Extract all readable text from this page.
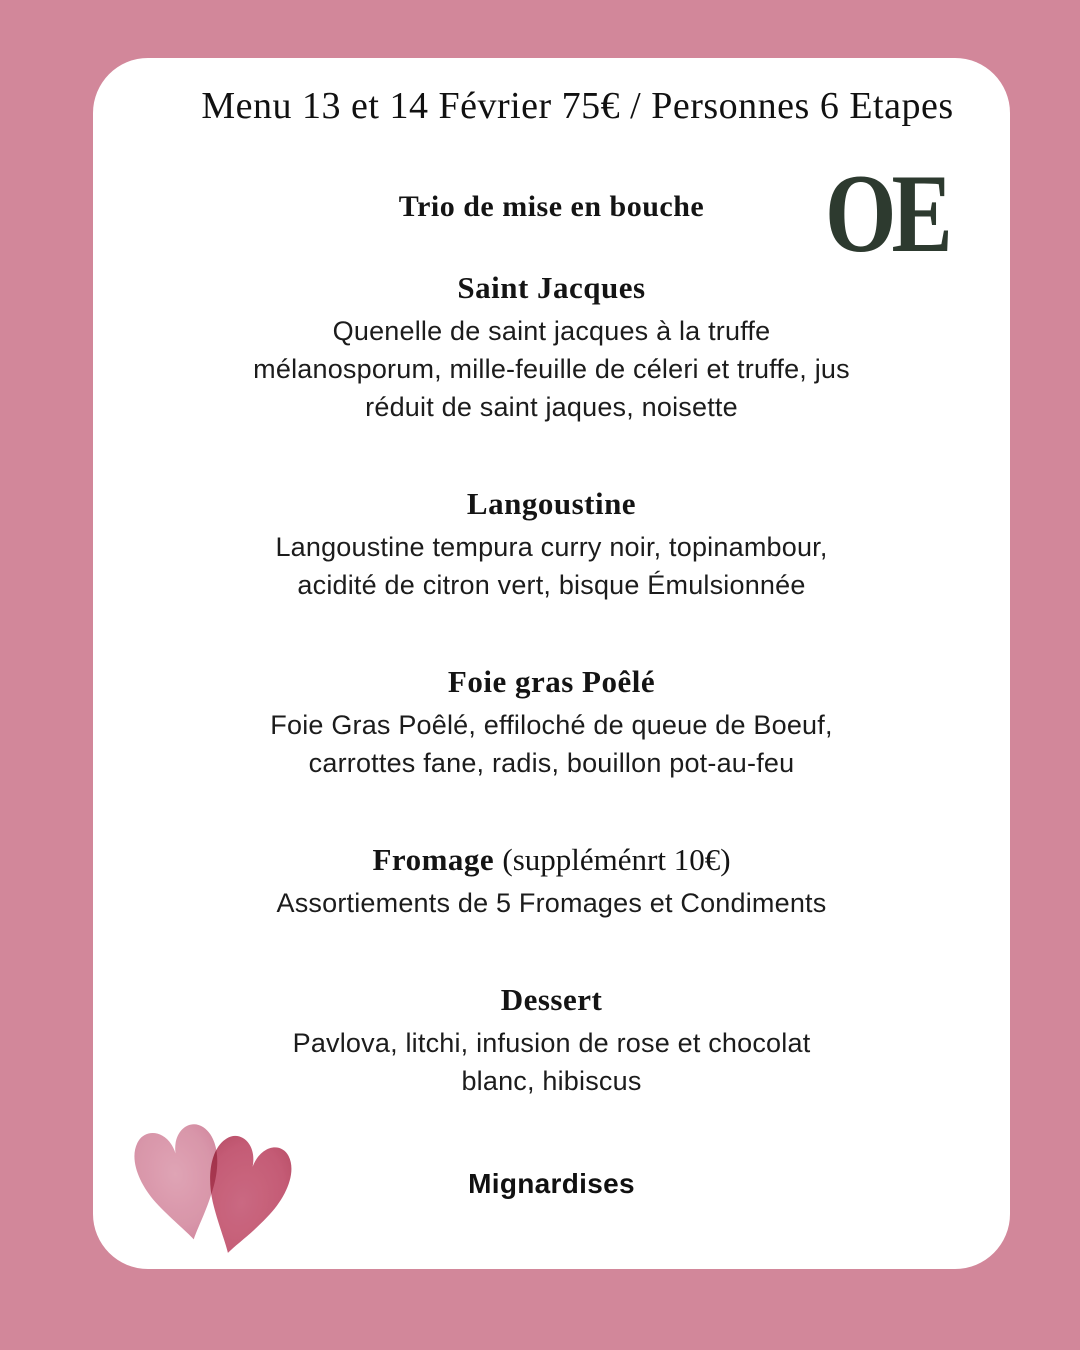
Menu 13 et 14 Février 75€ / Personnes 6 Etapes
Trio de mise en bouche
Saint Jacques
Quenelle de saint jacques à la truffe
mélanosporum, mille-feuille de céleri et truffe, jus
réduit de saint jaques, noisette
Langoustine
Langoustine tempura curry noir, topinambour,
acidité de citron vert, bisque Émulsionnée
Foie gras Poêlé
Foie Gras Poêlé, effiloché de queue de Boeuf,
carrottes fane, radis, bouillon pot-au-feu
Fromage (suppléménrt 10€)
Assortiements de 5 Fromages et Condiments
Dessert
Pavlova, litchi, infusion de rose et chocolat
blanc, hibiscus
Mignardises
OE
